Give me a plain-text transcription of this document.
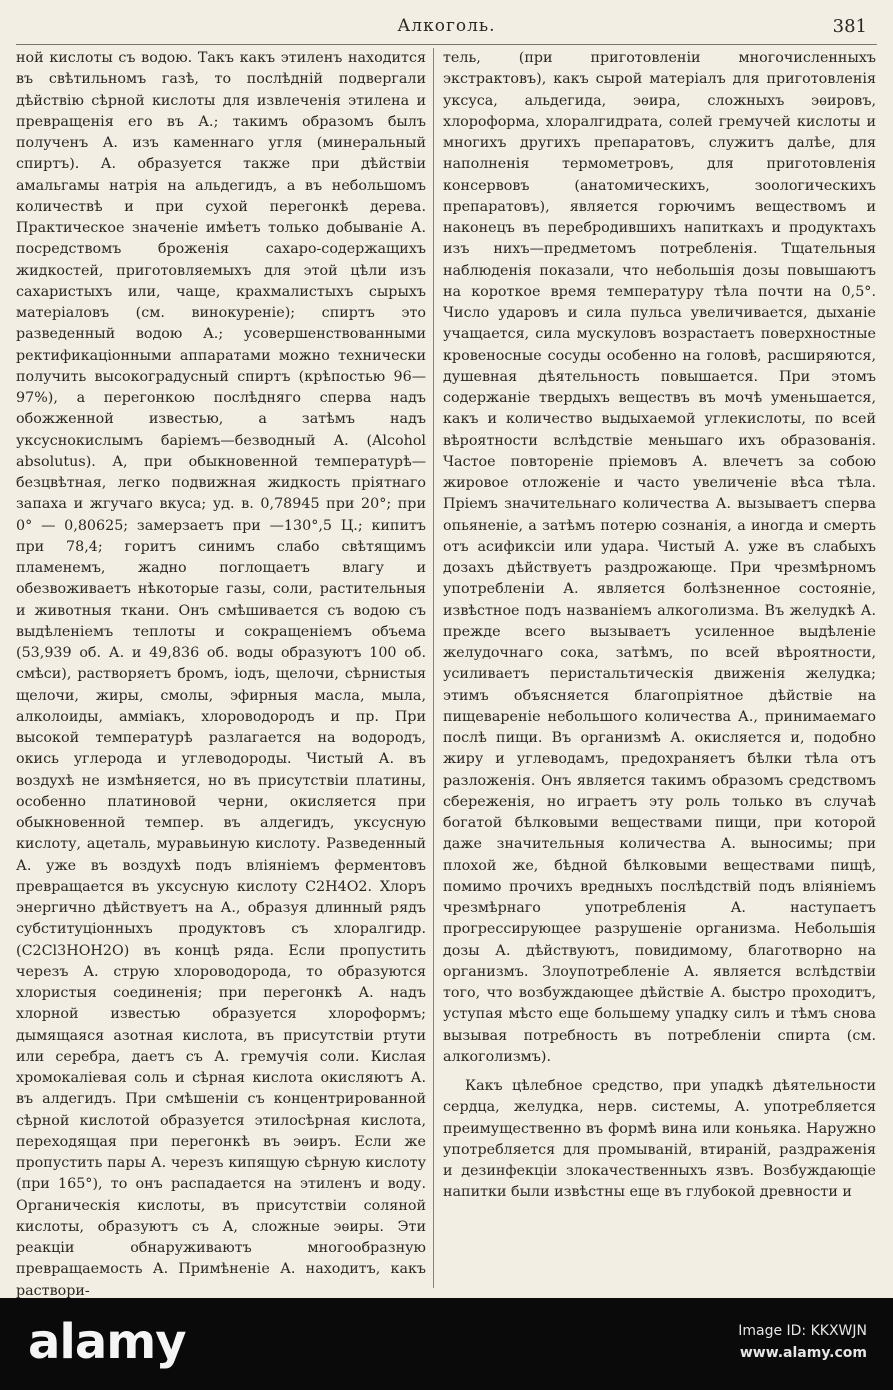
Алкоголь.	381

ной кислоты съ водою. Такъ какъ этиленъ находится въ свѣтильномъ газѣ, то послѣдній подвергали дѣйствію сѣрной кислоты для извлеченія этилена и превращенія его въ А.; такимъ образомъ былъ полученъ А. изъ каменнаго угля (минеральный спиртъ). А. образуется также при дѣйствіи амальгамы натрія на альдегидъ, а въ небольшомъ количествѣ и при сухой перегонкѣ дерева. Практическое значеніе имѣетъ только добываніе А. посредствомъ броженія сахаро-содержащихъ жидкостей, приготовляемыхъ для этой цѣли изъ сахаристыхъ или, чаще, крахмалистыхъ сырыхъ матеріаловъ (см. винокуреніе); спиртъ это разведенный водою А.; усовершенствованными ректификаціонными аппаратами можно технически получить высокоградусный спиртъ (крѣпостью 96—97%), а перегонкою послѣдняго сперва надъ обожженной известью, а затѣмъ надъ уксуснокислымъ баріемъ—безводный А. (Alcohol absolutus). А, при обыкновенной температурѣ—безцвѣтная, легко подвижная жидкость пріятнаго запаха и жгучаго вкуса; уд. в. 0,78945 при 20°; при 0° — 0,80625; замерзаетъ при —130°,5 Ц.; кипитъ при 78,4; горитъ синимъ слабо свѣтящимъ пламенемъ, жадно поглощаетъ влагу и обезвоживаетъ нѣкоторые газы, соли, растительныя и животныя ткани. Онъ смѣшивается съ водою съ выдѣленіемъ теплоты и сокращеніемъ объема (53,939 об. А. и 49,836 об. воды образуютъ 100 об. смѣси), растворяетъ бромъ, іодъ, щелочи, сѣрнистыя щелочи, жиры, смолы, эфирныя масла, мыла, алколоиды, амміакъ, хлороводородъ и пр. При высокой температурѣ разлагается на водородъ, окись углерода и углеводороды. Чистый А. въ воздухѣ не измѣняется, но въ присутствіи платины, особенно платиновой черни, окисляется при обыкновенной темпер. въ алдегидъ, уксусную кислоту, ацеталь, муравьиную кислоту. Разведенный А. уже въ воздухѣ подъ вліяніемъ ферментовъ превращается въ уксусную кислоту C2H4O2. Хлоръ энергично дѣйствуетъ на А., образуя длинный рядъ субституціонныхъ продуктовъ съ хлоралгидр. (C2Cl3HOH2O) въ концѣ ряда. Если пропустить черезъ А. струю хлороводорода, то образуются хлористыя соединенія; при перегонкѣ А. надъ хлорной известью образуется хлороформъ; дымящаяся азотная кислота, въ присутствіи ртути или серебра, даетъ съ А. гремучія соли. Кислая хромокаліевая соль и сѣрная кислота окисляютъ А. въ алдегидъ. При смѣшеніи съ концентрированной сѣрной кислотой образуется этилосѣрная кислота, переходящая при перегонкѣ въ эѳиръ. Если же пропустить пары А. черезъ кипящую сѣрную кислоту (при 165°), то онъ распадается на этиленъ и воду. Органическія кислоты, въ присутствіи соляной кислоты, образуютъ съ А, сложные эѳиры. Эти реакціи обнаруживаютъ многообразную превращаемость А. Примѣненіе А. находитъ, какъ раствори-

тель, (при приготовленіи многочисленныхъ экстрактовъ), какъ сырой матеріалъ для приготовленія уксуса, альдегида, эѳира, сложныхъ эѳировъ, хлороформа, хлоралгидрата, солей гремучей кислоты и многихъ другихъ препаратовъ, служитъ далѣе, для наполненія термометровъ, для приготовленія консервовъ (анатомическихъ, зоологическихъ препаратовъ), является горючимъ веществомъ и наконецъ въ перебродившихъ напиткахъ и продуктахъ изъ нихъ—предметомъ потребленія. Тщательныя наблюденія показали, что небольшія дозы повышаютъ на короткое время температуру тѣла почти на 0,5°. Число ударовъ и сила пульса увеличивается, дыханіе учащается, сила мускуловъ возрастаетъ поверхностные кровеносные сосуды особенно на головѣ, расширяются, душевная дѣятельность повышается. При этомъ содержаніе твердыхъ веществъ въ мочѣ уменьшается, какъ и количество выдыхаемой углекислоты, по всей вѣроятности вслѣдствіе меньшаго ихъ образованія. Частое повтореніе пріемовъ А. влечетъ за собою жировое отложеніе и часто увеличеніе вѣса тѣла. Пріемъ значительнаго количества А. вызываетъ сперва опьяненіе, а затѣмъ потерю сознанія, а иногда и смерть отъ асификсіи или удара. Чистый А. уже въ слабыхъ дозахъ дѣйствуетъ раздрожающе. При чрезмѣрномъ употребленіи А. является болѣзненное состояніе, извѣстное подъ названіемъ алкоголизма. Въ желудкѣ А. прежде всего вызываетъ усиленное выдѣленіе желудочнаго сока, затѣмъ, по всей вѣроятности, усиливаетъ перистальтическія движенія желудка; этимъ объясняется благопріятное дѣйствіе на пищевареніе небольшого количества А., принимаемаго послѣ пищи. Въ организмѣ А. окисляется и, подобно жиру и углеводамъ, предохраняетъ бѣлки тѣла отъ разложенія. Онъ является такимъ образомъ средствомъ сбереженія, но играетъ эту роль только въ случаѣ богатой бѣлковыми веществами пищи, при которой даже значительныя количества А. выносимы; при плохой же, бѣдной бѣлковыми веществами пищѣ, помимо прочихъ вредныхъ послѣдствій подъ вліяніемъ чрезмѣрнаго употребленія А. наступаетъ прогрессирующее разрушеніе организма. Небольшія дозы А. дѣйствуютъ, повидимому, благотворно на организмъ. Злоупотребленіе А. является вслѣдствіи того, что возбуждающее дѣйствіе А. быстро проходитъ, уступая мѣсто еще большему упадку силъ и тѣмъ снова вызывая потребность въ потребленіи спирта (см. алкоголизмъ).

Какъ цѣлебное средство, при упадкѣ дѣятельности сердца, желудка, нерв. системы, А. употребляется преимущественно въ формѣ вина или коньяка. Наружно употребляется для промываній, втираній, раздраженія и дезинфекціи злокачественныхъ язвъ. Возбуждающіе напитки были извѣстны еще въ глубокой древности и

alamy	Image ID: KKXWJN
www.alamy.com
